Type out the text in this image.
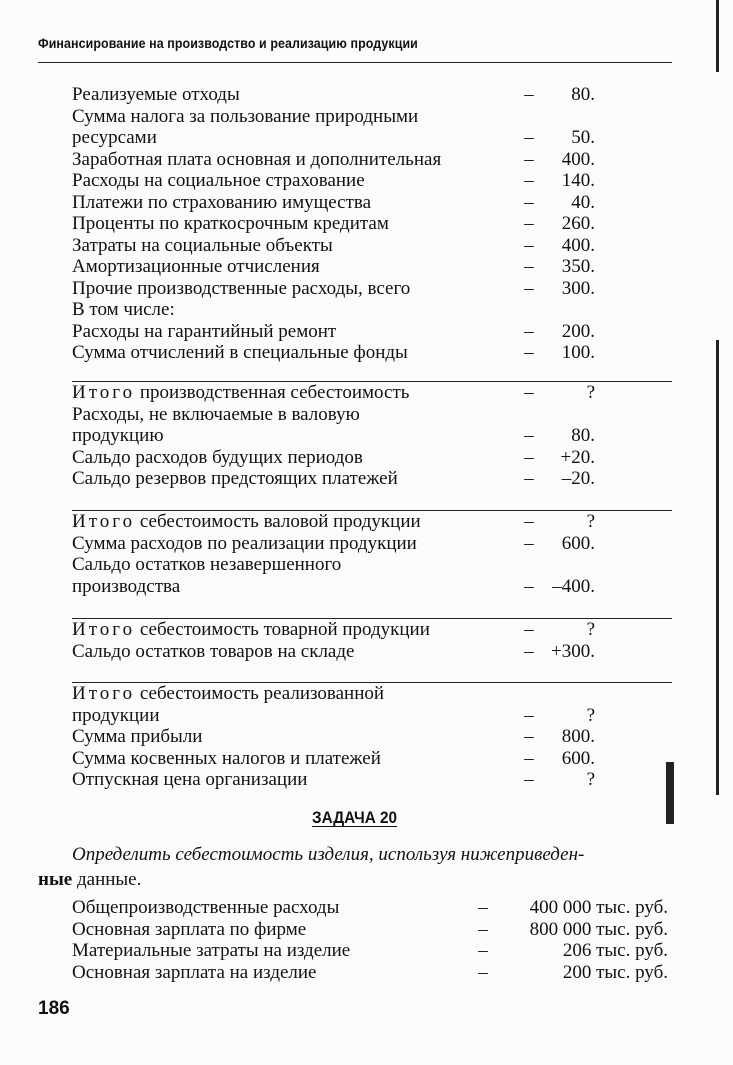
Финансирование на производство и реализацию продукции
Реализуемые отходы	– 80.
Сумма налога за пользование природными
ресурсами	– 50.
Заработная плата основная и дополнительная	– 400.
Расходы на социальное страхование	– 140.
Платежи по страхованию имущества	– 40.
Проценты по краткосрочным кредитам	– 260.
Затраты на социальные объекты	– 400.
Амортизационные отчисления	– 350.
Прочие производственные расходы, всего	– 300.
В том числе:
Расходы на гарантийный ремонт	– 200.
Сумма отчислений в специальные фонды	– 100.
Итого производственная себестоимость	–	?
Расходы, не включаемые в валовую
продукцию	– 80.
Сальдо расходов будущих периодов	– +20.
Сальдо резервов предстоящих платежей	– –20.
Итого себестоимость валовой продукции	–	?
Сумма расходов по реализации продукции	– 600.
Сальдо остатков незавершенного
производства	– –400.
Итого себестоимость товарной продукции	–	?
Сальдо остатков товаров на складе	– +300.
Итого себестоимость реализованной
продукции	–	?
Сумма прибыли	– 800.
Сумма косвенных налогов и платежей	– 600.
Отпускная цена организации	–	?
ЗАДАЧА 20
Определить себестоимость изделия, используя нижеприведен-
ные данные.
Общепроизводственные расходы	– 400 000 тыс. руб.
Основная зарплата по фирме	– 800 000 тыс. руб.
Материальные затраты на изделие	–	206 тыс. руб.
Основная зарплата на изделие	–	200 тыс. руб.
186
